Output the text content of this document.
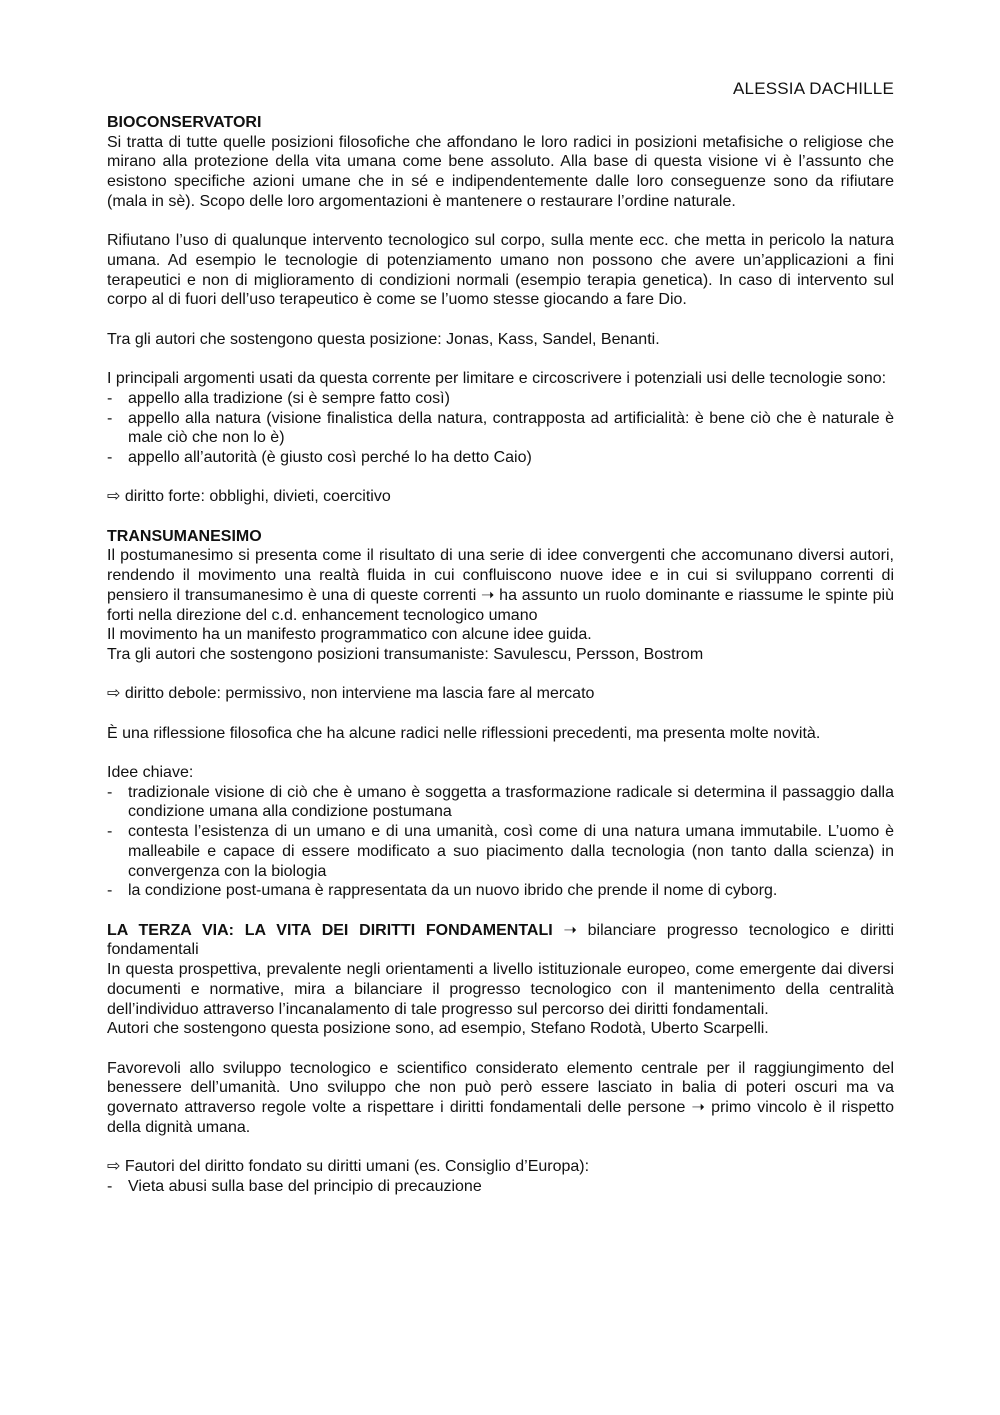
ALESSIA DACHILLE

BIOCONSERVATORI

Si tratta di tutte quelle posizioni filosofiche che affondano le loro radici in posizioni metafisiche o religiose che mirano alla protezione della vita umana come bene assoluto. Alla base di questa visione vi è l’assunto che esistono specifiche azioni umane che in sé e indipendentemente dalle loro conseguenze sono da rifiutare (mala in sè). Scopo delle loro argomentazioni è mantenere o restaurare l’ordine naturale.

Rifiutano l’uso di qualunque intervento tecnologico sul corpo, sulla mente ecc. che metta in pericolo la natura umana. Ad esempio le tecnologie di potenziamento umano non possono che avere un’applicazioni a fini terapeutici e non di miglioramento di condizioni normali (esempio terapia genetica). In caso di intervento sul corpo al di fuori dell’uso terapeutico è come se l’uomo stesse giocando a fare Dio.

Tra gli autori che sostengono questa posizione: Jonas, Kass, Sandel, Benanti.

I principali argomenti usati da questa corrente per limitare e circoscrivere i potenziali usi delle tecnologie sono:

- appello alla tradizione (si è sempre fatto così)
- appello alla natura (visione finalistica della natura, contrapposta ad artificialità: è bene ciò che è naturale è male ciò che non lo è)
- appello all’autorità (è giusto così perché lo ha detto Caio)

⇨ diritto forte: obblighi, divieti, coercitivo

TRANSUMANESIMO

Il postumanesimo si presenta come il risultato di una serie di idee convergenti che accomunano diversi autori, rendendo il movimento una realtà fluida in cui confluiscono nuove idee e in cui si sviluppano correnti di pensiero il transumanesimo è una di queste correnti ➝ ha assunto un ruolo dominante e riassume le spinte più forti nella direzione del c.d. enhancement tecnologico umano

Il movimento ha un manifesto programmatico con alcune idee guida.

Tra gli autori che sostengono posizioni transumaniste: Savulescu, Persson, Bostrom

⇨ diritto debole: permissivo, non interviene ma lascia fare al mercato

È una riflessione filosofica che ha alcune radici nelle riflessioni precedenti, ma presenta molte novità.

Idee chiave:

- tradizionale visione di ciò che è umano è soggetta a trasformazione radicale si determina il passaggio dalla condizione umana alla condizione postumana
- contesta l’esistenza di un umano e di una umanità, così come di una natura umana immutabile. L’uomo è malleabile e capace di essere modificato a suo piacimento dalla tecnologia (non tanto dalla scienza) in convergenza con la biologia
- la condizione post-umana è rappresentata da un nuovo ibrido che prende il nome di cyborg.

LA TERZA VIA: LA VITA DEI DIRITTI FONDAMENTALI ➝ bilanciare progresso tecnologico e diritti fondamentali

In questa prospettiva, prevalente negli orientamenti a livello istituzionale europeo, come emergente dai diversi documenti e normative, mira a bilanciare il progresso tecnologico con il mantenimento della centralità dell’individuo attraverso l’incanalamento di tale progresso sul percorso dei diritti fondamentali.

Autori che sostengono questa posizione sono, ad esempio, Stefano Rodotà, Uberto Scarpelli.

Favorevoli allo sviluppo tecnologico e scientifico considerato elemento centrale per il raggiungimento del benessere dell’umanità. Uno sviluppo che non può però essere lasciato in balia di poteri oscuri ma va governato attraverso regole volte a rispettare i diritti fondamentali delle persone ➝ primo vincolo è il rispetto della dignità umana.

⇨ Fautori del diritto fondato su diritti umani (es. Consiglio d’Europa):

- Vieta abusi sulla base del principio di precauzione
